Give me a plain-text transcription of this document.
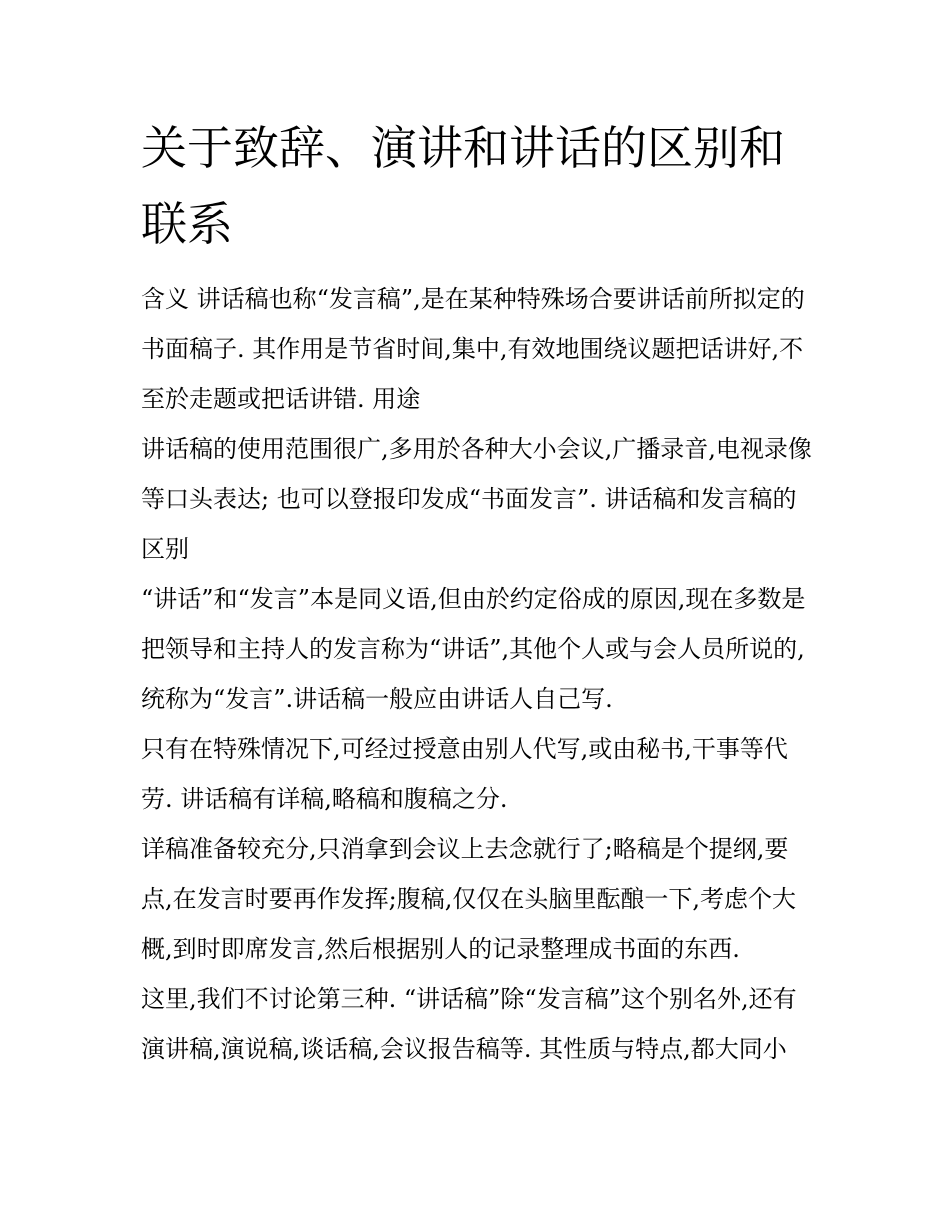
关于致辞、演讲和讲话的区别和联系

含义 讲话稿也称“发言稿”,是在某种特殊场合要讲话前所拟定的书面稿子. 其作用是节省时间,集中,有效地围绕议题把话讲好,不至於走题或把话讲错. 用途

讲话稿的使用范围很广,多用於各种大小会议,广播录音,电视录像等口头表达; 也可以登报印发成“书面发言”. 讲话稿和发言稿的区别

“讲话”和“发言”本是同义语,但由於约定俗成的原因,现在多数是把领导和主持人的发言称为“讲话”,其他个人或与会人员所说的,统称为“发言”.讲话稿一般应由讲话人自己写.

只有在特殊情况下,可经过授意由别人代写,或由秘书,干事等代劳. 讲话稿有详稿,略稿和腹稿之分.

详稿准备较充分,只消拿到会议上去念就行了;略稿是个提纲,要点,在发言时要再作发挥;腹稿,仅仅在头脑里酝酿一下,考虑个大概,到时即席发言,然后根据别人的记录整理成书面的东西.

这里,我们不讨论第三种. “讲话稿”除“发言稿”这个别名外,还有演讲稿,演说稿,谈话稿,会议报告稿等. 其性质与特点,都大同小
